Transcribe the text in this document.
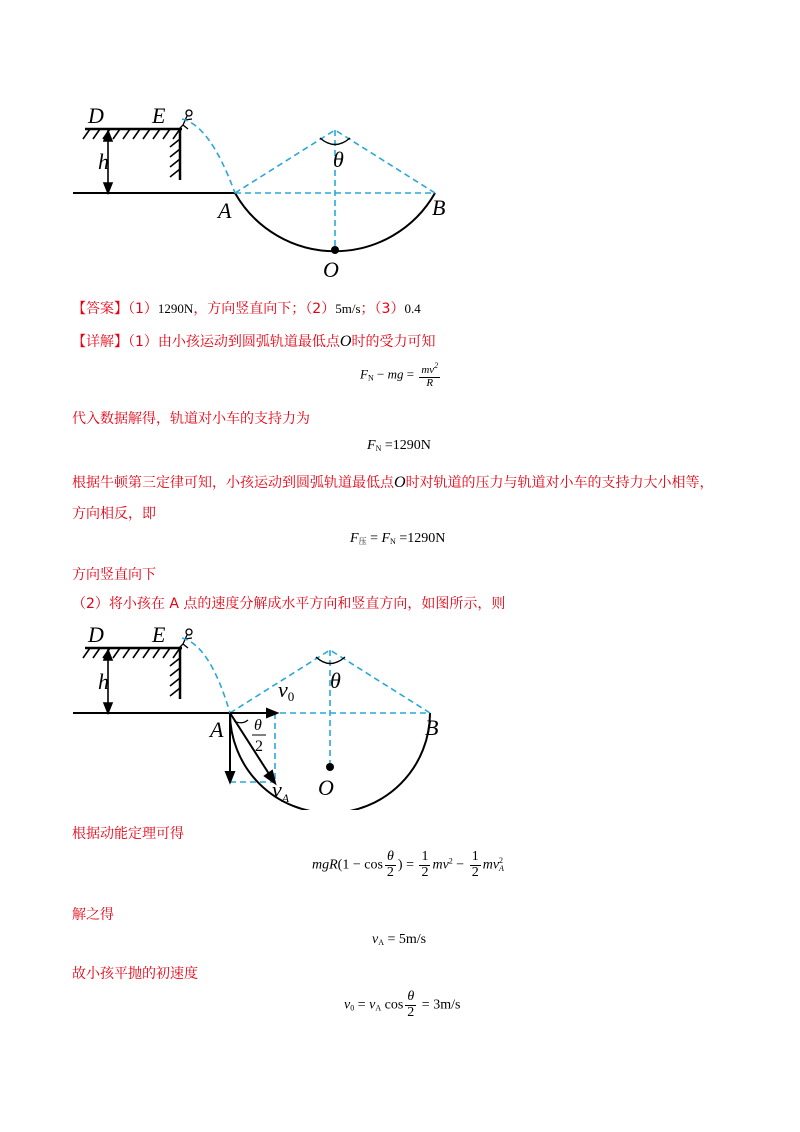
D E
h	θ
A	B
O
【答案】（1）1290N，方向竖直向下；（2）5m/s；（3）0.4
【详解】（1）由小孩运动到圆弧轨道最低点O时的受力可知
$F_N$ − mg = $\frac{mv^2}{R}$
代入数据解得，轨道对小车的支持力为
$F_N =1290N$
根据牛顿第三定律可知，小孩运动到圆弧轨道最低点O时对轨道的压力与轨道对小车的支持力大小相等，
方向相反，即
$F_压 = F_N =1290N$
方向竖直向下
（2）将小孩在 A 点的速度分解成水平方向和竖直方向，如图所示，则
D E
h	θ
v0
A	B
O
θ
2
$v_A$
根据动能定理可得
$mgR(1 - \cos \frac{\theta}{2}$ ) = $\frac{1}{2} mv^2 - \frac{1}{2}$ mv 2
A
解之得
$v_A = 5m/s$
故小孩平抛的初速度
$v_0 = v_A$ $\cos \frac{\theta}{2} = 3m/s$
